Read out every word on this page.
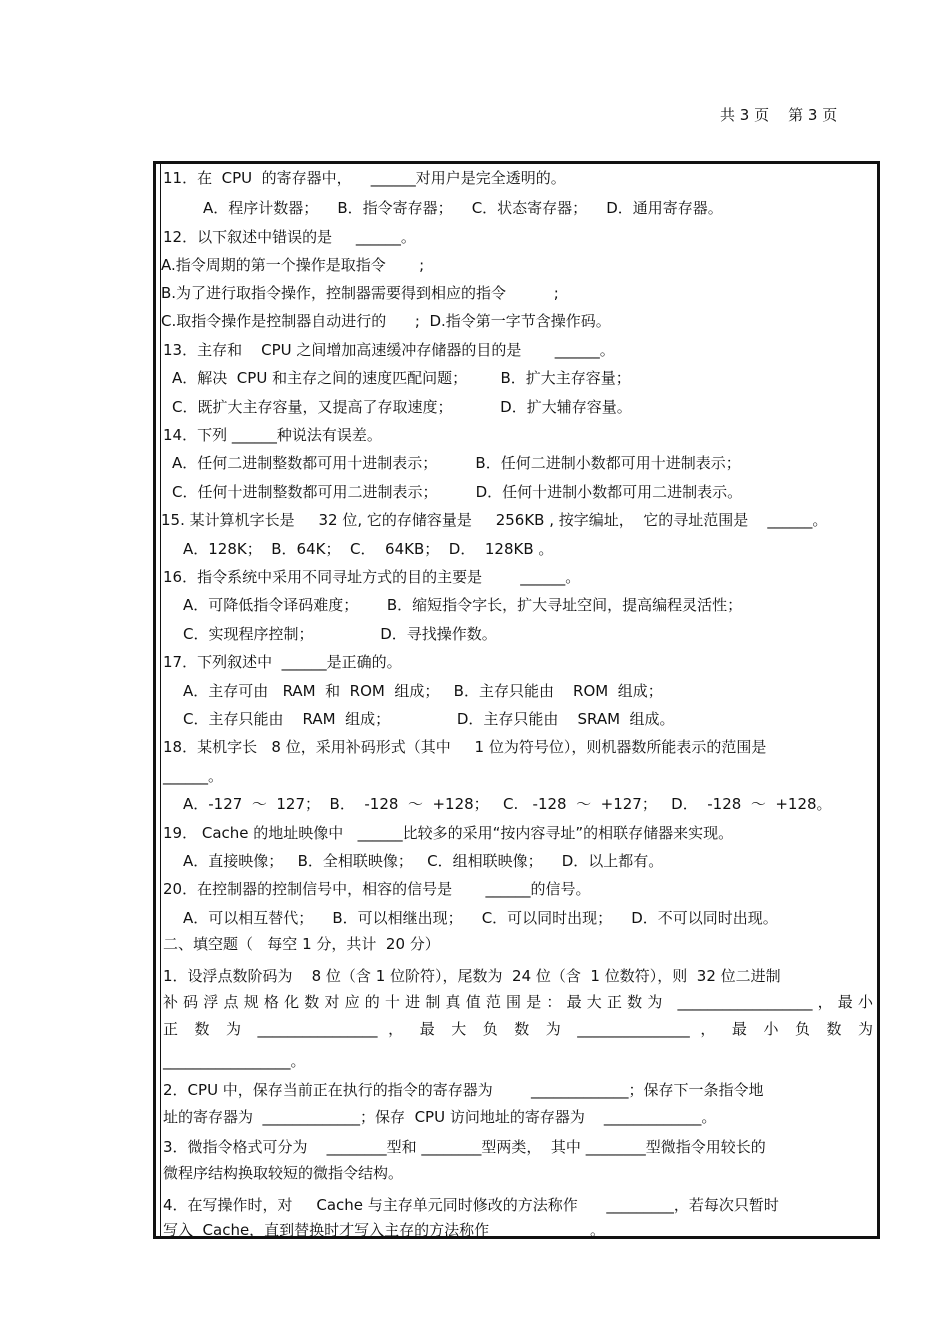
共 3 页    第 3 页
11．在  CPU  的寄存器中，    ______对用户是完全透明的。
A．程序计数器；    B．指令寄存器；    C．状态寄存器；    D．通用寄存器。
12．以下叙述中错误的是     ______。
A.指令周期的第一个操作是取指令       ;
B.为了进行取指令操作，控制器需要得到相应的指令          ;
C.取指令操作是控制器自动进行的      ;  D.指令第一字节含操作码。
13．主存和    CPU 之间增加高速缓冲存储器的目的是       ______。
A．解决  CPU 和主存之间的速度匹配问题；       B．扩大主存容量；
C．既扩大主存容量，又提高了存取速度；          D．扩大辅存容量。
14．下列 ______种说法有误差。
A．任何二进制整数都可用十进制表示；        B．任何二进制小数都可用十进制表示；
C．任何十进制整数都可用二进制表示；        D．任何十进制小数都可用二进制表示。
15. 某计算机字长是     32 位, 它的存储容量是     256KB , 按字编址，  它的寻址范围是    ______。
A．128K；  B．64K；  C．  64KB；  D．  128KB 。
16．指令系统中采用不同寻址方式的目的主要是        ______。
A．可降低指令译码难度；      B．缩短指令字长，扩大寻址空间，提高编程灵活性；
C．实现程序控制；              D．寻找操作数。
17．下列叙述中  ______是正确的。
A．主存可由   RAM  和  ROM  组成；   B．主存只能由    ROM  组成；
C．主存只能由    RAM  组成；              D．主存只能由    SRAM  组成。
18．某机字长   8 位，采用补码形式（其中     1 位为符号位），则机器数所能表示的范围是
______。
A．-127  ～  127；  B．  -128  ～  +128；   C.   -128  ～  +127；   D．  -128  ～  +128。
19． Cache 的地址映像中   ______比较多的采用“按内容寻址”的相联存储器来实现。
A．直接映像；   B．全相联映像；   C．组相联映像；    D．以上都有。
20．在控制器的控制信号中，相容的信号是       ______的信号。
A．可以相互替代；    B．可以相继出现；    C．可以同时出现；    D．不可以同时出现。
二、填空题（   每空 1 分，共计  20 分）
1．设浮点数阶码为    8 位（含 1 位阶符），尾数为  24 位（含  1 位数符），则  32 位二进制
补码浮点规格化数对应的十进制真值范围是：最大正数为 __________________，最小
正 数 为 ________________ ， 最 大 负 数 为 _______________ ， 最 小 负 数 为
_________________。
2．CPU 中，保存当前正在执行的指令的寄存器为        _____________；保存下一条指令地
址的寄存器为  _____________；保存  CPU 访问地址的寄存器为    _____________。
3．微指令格式可分为    ________型和 ________型两类，  其中 ________型微指令用较长的
微程序结构换取较短的微指令结构。
4．在写操作时，对     Cache 与主存单元同时修改的方法称作      _________，若每次只暂时
写入  Cache，直到替换时才写入主存的方法称作       _________。
